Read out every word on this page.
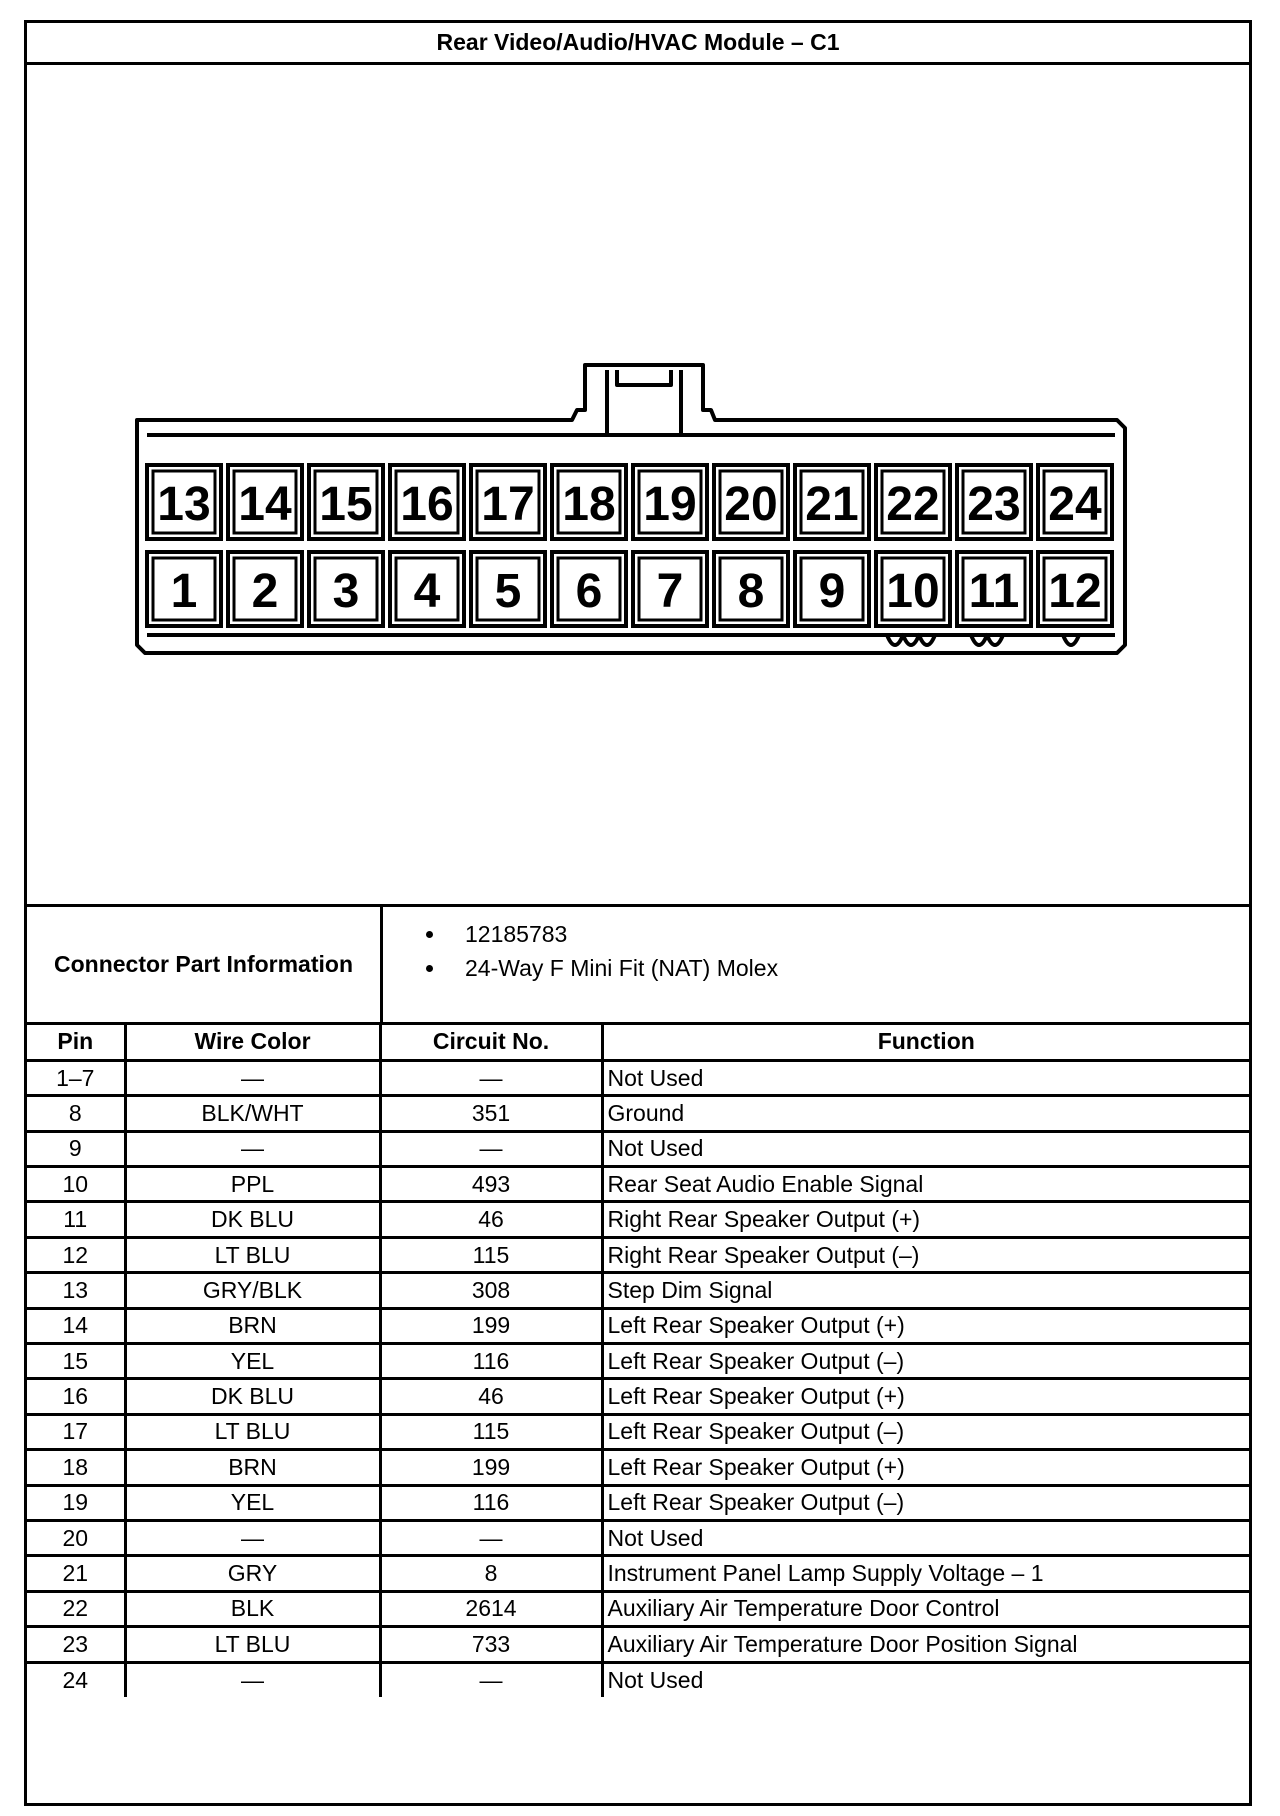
Rear Video/Audio/HVAC Module – C1
13 14 15 16 17 18 19 20 21 22 23 24
1 2 3 4 5 6 7 8 9 10 11 12
Connector Part Information
• 12185783
• 24-Way F Mini Fit (NAT) Molex
Pin	Wire Color	Circuit No.	Function
1–7	—	—	Not Used
8	BLK/WHT	351	Ground
9	—	—	Not Used
10	PPL	493	Rear Seat Audio Enable Signal
11	DK BLU	46	Right Rear Speaker Output (+)
12	LT BLU	115	Right Rear Speaker Output (–)
13	GRY/BLK	308	Step Dim Signal
14	BRN	199	Left Rear Speaker Output (+)
15	YEL	116	Left Rear Speaker Output (–)
16	DK BLU	46	Left Rear Speaker Output (+)
17	LT BLU	115	Left Rear Speaker Output (–)
18	BRN	199	Left Rear Speaker Output (+)
19	YEL	116	Left Rear Speaker Output (–)
20	—	—	Not Used
21	GRY	8	Instrument Panel Lamp Supply Voltage – 1
22	BLK	2614	Auxiliary Air Temperature Door Control
23	LT BLU	733	Auxiliary Air Temperature Door Position Signal
24	—	—	Not Used
